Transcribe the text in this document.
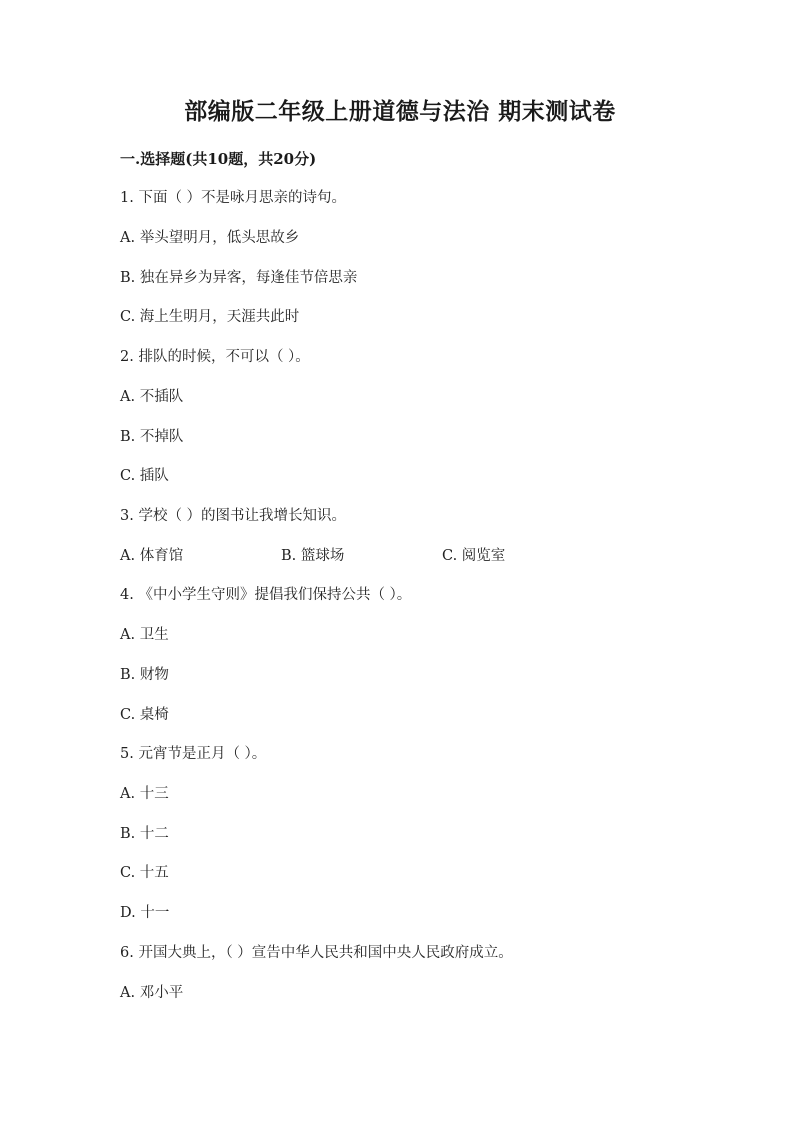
部编版二年级上册道德与法治 期末测试卷
一.选择题(共10题，共20分)
1. 下面（ ）不是咏月思亲的诗句。
A. 举头望明月，低头思故乡
B. 独在异乡为异客，每逢佳节倍思亲
C. 海上生明月，天涯共此时
2. 排队的时候，不可以（ ）。
A. 不插队
B. 不掉队
C. 插队
3. 学校（ ）的图书让我增长知识。
A. 体育馆	B. 篮球场	C. 阅览室
4. 《中小学生守则》提倡我们保持公共（ ）。
A. 卫生
B. 财物
C. 桌椅
5. 元宵节是正月（ ）。
A. 十三
B. 十二
C. 十五
D. 十一
6. 开国大典上，（ ）宣告中华人民共和国中央人民政府成立。
A. 邓小平
